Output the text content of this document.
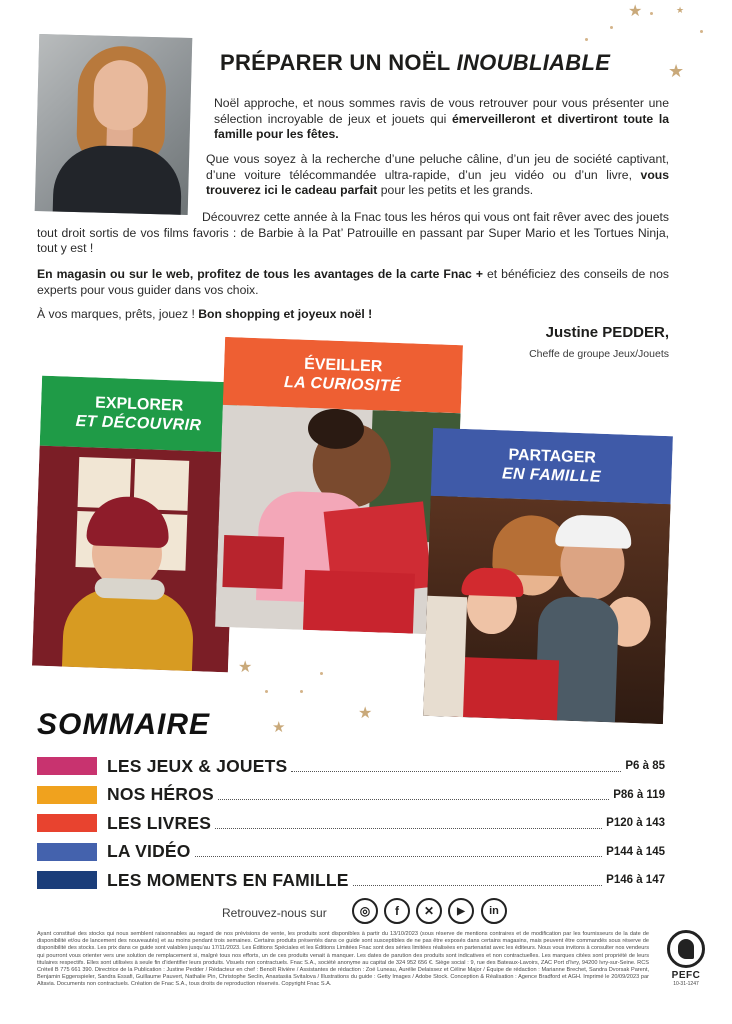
PRÉPARER UN NOËL INOUBLIABLE

Noël approche, et nous sommes ravis de vous retrouver pour vous présenter une sélection incroyable de jeux et jouets qui émerveilleront et divertiront toute la famille pour les fêtes.

Que vous soyez à la recherche d’une peluche câline, d’un jeu de société captivant, d’une voiture télécommandée ultra-rapide, d’un jeu vidéo ou d’un livre, vous trouverez ici le cadeau parfait pour les petits et les grands.

Découvrez cette année à la Fnac tous les héros qui vous ont fait rêver avec des jouets tout droit sortis de vos films favoris : de Barbie à la Pat’ Patrouille en passant par Super Mario et les Tortues Ninja, tout y est !

En magasin ou sur le web, profitez de tous les avantages de la carte Fnac + et bénéficiez des conseils de nos experts pour vous guider dans vos choix.

À vos marques, prêts, jouez ! Bon shopping et joyeux noël !

Justine PEDDER,
Cheffe de groupe Jeux/Jouets
★
★
★
★
★
★
EXPLORER
ET DÉCOUVRIR
ÉVEILLER
LA CURIOSITÉ
PARTAGER
EN FAMILLE
SOMMAIRE
LES JEUX & JOUETS	P6 à 85
NOS HÉROS	P86 à 119
LES LIVRES	P120 à 143
LA VIDÉO	P144 à 145
LES MOMENTS EN FAMILLE	P146 à 147
Retrouvez-nous sur	◎	f	✕	▶	in

Ayant constitué des stocks qui nous semblent raisonnables au regard de nos prévisions de vente, les produits sont disponibles à partir du 13/10/2023 (sous réserve de mentions contraires et de modification par les fournisseurs de la date de disponibilité et/ou de lancement des nouveautés) et au moins pendant trois semaines. Certains produits présentés dans ce guide sont susceptibles de ne pas être exposés dans certains magasins, mais peuvent être commandés sous réserve de disponibilité des stocks. Les prix dans ce guide sont valables jusqu’au 17/11/2023. Les Éditions Spéciales et les Éditions Limitées Fnac sont des séries limitées réalisées en partenariat avec les éditeurs. Nous vous invitons à consulter nos vendeurs qui pourront vous orienter vers une solution de remplacement si, malgré tous nos efforts, un de ces produits venait à manquer. Les dates de parution des produits sont indicatives et non contractuelles. Les marques citées sont propriété de leurs titulaires respectifs. Elles sont utilisées à seule fin d’identifier leurs produits. Visuels non contractuels. Fnac S.A., société anonyme au capital de 324 952 656 €. Siège social : 9, rue des Bateaux-Lavoirs, ZAC Port d’Ivry, 94200 Ivry-sur-Seine. RCS Créteil B 775 661 390. Directrice de la Publication : Justine Pedder / Rédacteur en chef : Benoît Rivière / Assistantes de rédaction : Zoé Luneau, Aurélie Delaissez et Céline Major / Équipe de rédaction : Marianne Brechet, Sandra Dvorsak Parent, Benjamin Eggenspieler, Sandra Essafi, Guillaume Pauvert, Nathalie Pin, Christophe Seclin, Anastasiia Svitalova / Illustrations du guide : Getty Images / Adobe Stock. Conception & Réalisation : Agence Bradford et AGH. Imprimé le 20/09/2023 par Altavia. Documents non contractuels. Création de Fnac S.A., tous droits de reproduction réservés. Copyright Fnac S.A.

PEFC
10-31-1247
